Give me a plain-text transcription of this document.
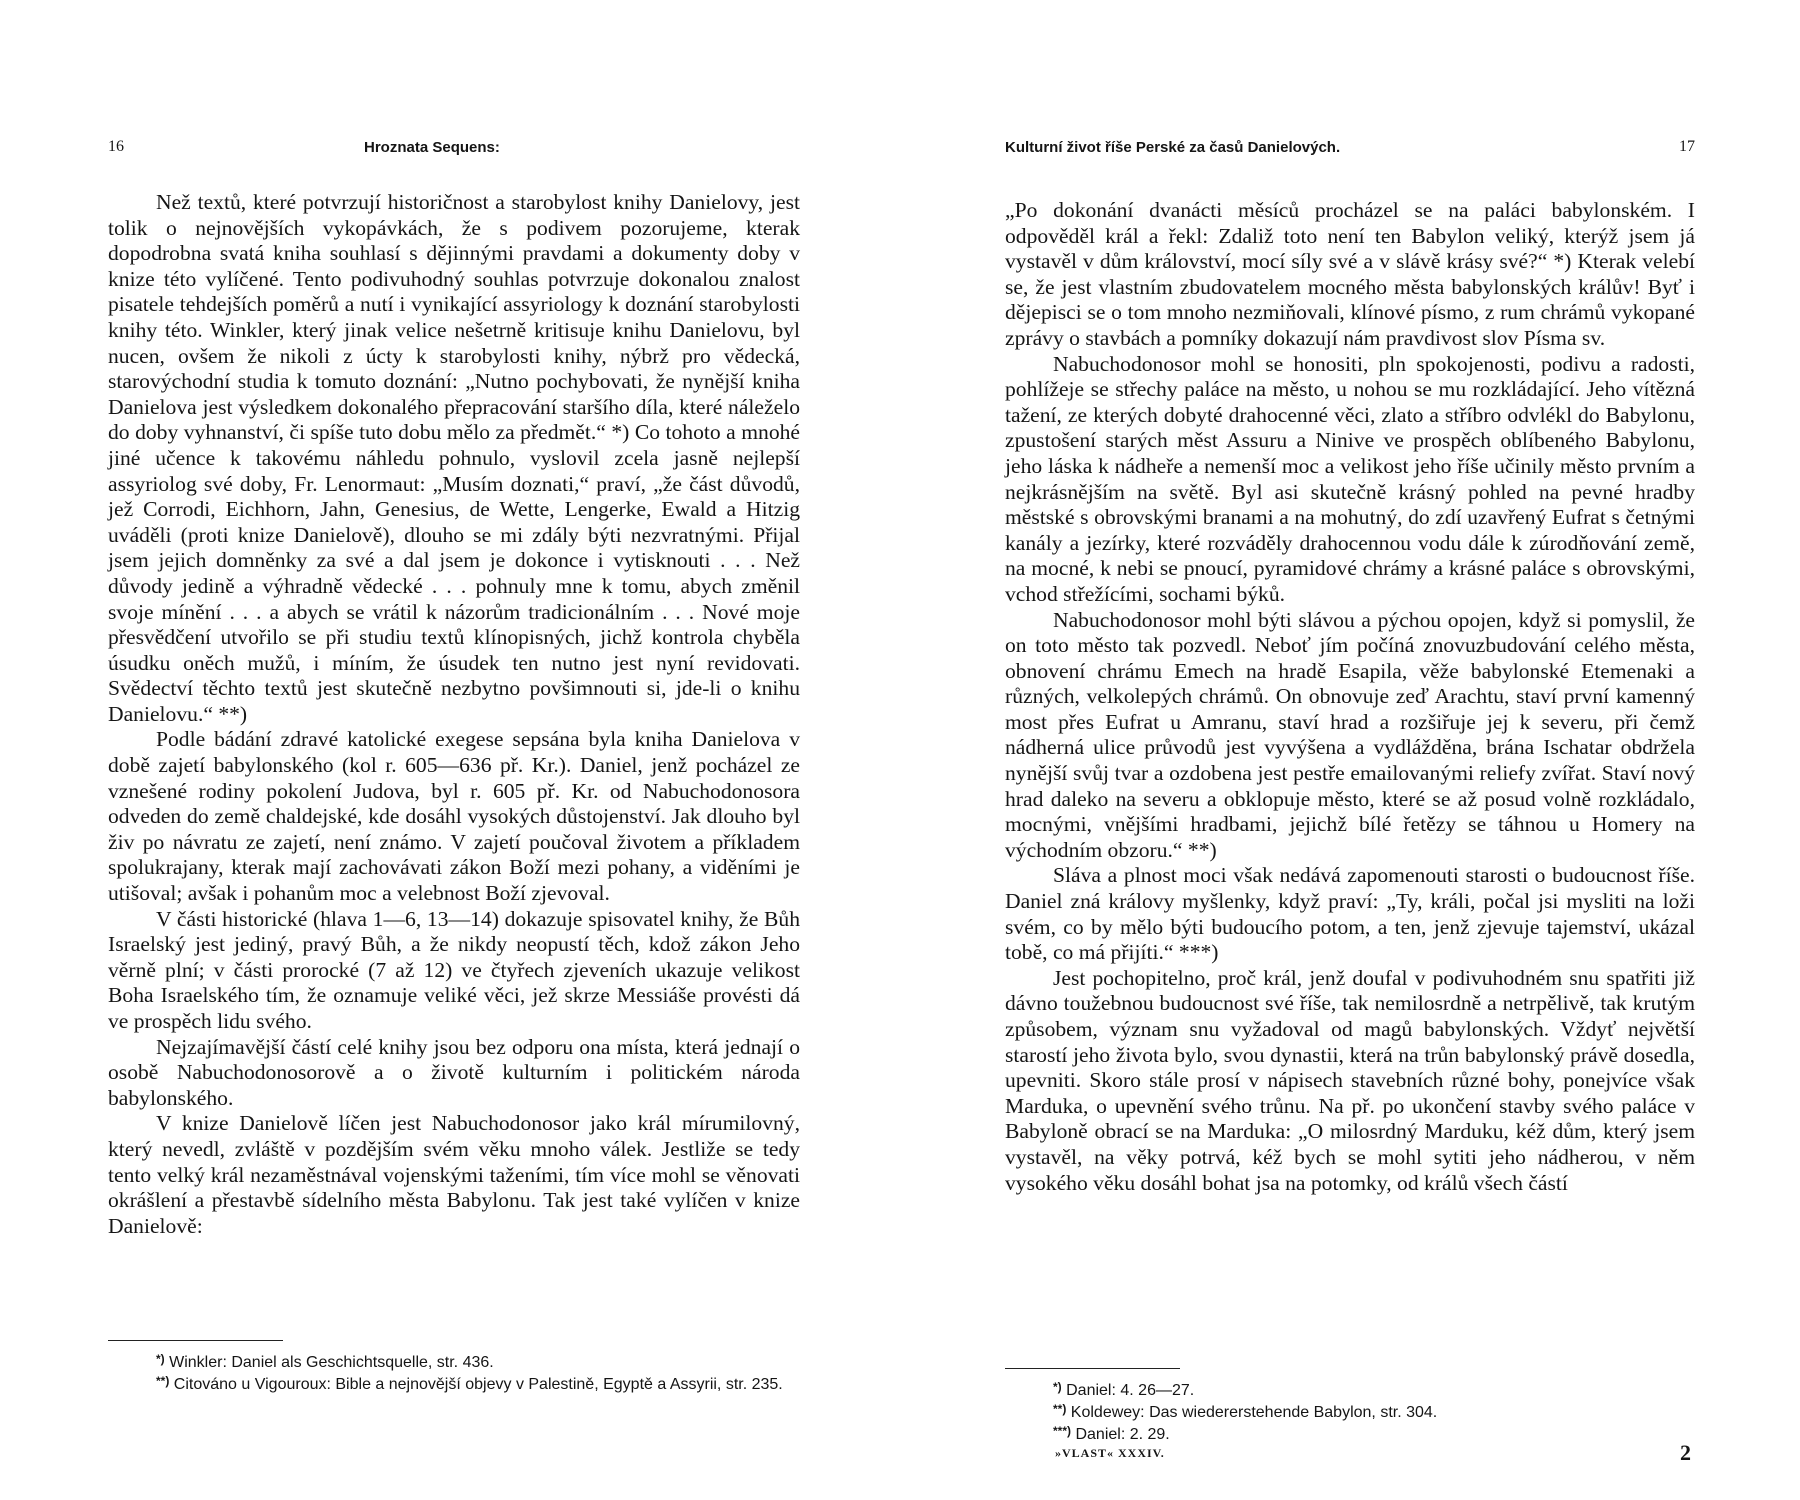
16	Hroznata Sequens:

Než textů, které potvrzují historičnost a starobylost knihy Danielovy, jest tolik o nejnovějších vykopávkách, že s podivem pozorujeme, kterak dopodrobna svatá kniha souhlasí s dějinnými pravdami a dokumenty doby v knize této vylíčené. Tento podivuhodný souhlas potvrzuje dokonalou znalost pisatele tehdejších poměrů a nutí i vynikající assyriology k doznání starobylosti knihy této. Winkler, který jinak velice nešetrně kritisuje knihu Danielovu, byl nucen, ovšem že nikoli z úcty k starobylosti knihy, nýbrž pro vědecká, starovýchodní studia k tomuto doznání: „Nutno pochybovati, že nynější kniha Danielova jest výsledkem dokonalého přepracování staršího díla, které náleželo do doby vyhnanství, či spíše tuto dobu mělo za předmět.“ *) Co tohoto a mnohé jiné učence k takovému náhledu pohnulo, vyslovil zcela jasně nejlepší assyriolog své doby, Fr. Lenormaut: „Musím doznati,“ praví, „že část důvodů, jež Corrodi, Eichhorn, Jahn, Genesius, de Wette, Lengerke, Ewald a Hitzig uváděli (proti knize Danielově), dlouho se mi zdály býti nezvratnými. Přijal jsem jejich domněnky za své a dal jsem je dokonce i vytisknouti . . . Než důvody jedině a výhradně vědecké . . . pohnuly mne k tomu, abych změnil svoje mínění . . . a abych se vrátil k názorům tradicionálním . . . Nové moje přesvědčení utvořilo se při studiu textů klínopisných, jichž kontrola chyběla úsudku oněch mužů, i míním, že úsudek ten nutno jest nyní revidovati. Svědectví těchto textů jest skutečně nezbytno povšimnouti si, jde-li o knihu Danielovu.“ **)

Podle bádání zdravé katolické exegese sepsána byla kniha Danielova v době zajetí babylonského (kol r. 605—636 př. Kr.). Daniel, jenž pocházel ze vznešené rodiny pokolení Judova, byl r. 605 př. Kr. od Nabuchodonosora odveden do země chaldejské, kde dosáhl vysokých důstojenství. Jak dlouho byl živ po návratu ze zajetí, není známo. V zajetí poučoval životem a příkladem spolukrajany, kterak mají zachovávati zákon Boží mezi pohany, a viděními je utišoval; avšak i pohanům moc a velebnost Boží zjevoval.

V části historické (hlava 1—6, 13—14) dokazuje spisovatel knihy, že Bůh Israelský jest jediný, pravý Bůh, a že nikdy neopustí těch, kdož zákon Jeho věrně plní; v části prorocké (7 až 12) ve čtyřech zjeveních ukazuje velikost Boha Israelského tím, že oznamuje veliké věci, jež skrze Messiáše provésti dá ve prospěch lidu svého.

Nejzajímavější částí celé knihy jsou bez odporu ona místa, která jednají o osobě Nabuchodonosorově a o životě kulturním i politickém národa babylonského.

V knize Danielově líčen jest Nabuchodonosor jako král mírumilovný, který nevedl, zvláště v pozdějším svém věku mnoho válek. Jestliže se tedy tento velký král nezaměstnával vojenskými taženími, tím více mohl se věnovati okrášlení a přestavbě sídelního města Babylonu. Tak jest také vylíčen v knize Danielově:

*) Winkler: Daniel als Geschichtsquelle, str. 436.

**) Citováno u Vigouroux: Bible a nejnovější objevy v Palestině, Egyptě a Assyrii, str. 235.

Kulturní život říše Perské za časů Danielových.	17

„Po dokonání dvanácti měsíců procházel se na paláci babylonském. I odpověděl král a řekl: Zdaliž toto není ten Babylon veliký, kterýž jsem já vystavěl v dům království, mocí síly své a v slávě krásy své?“ *) Kterak velebí se, že jest vlastním zbudovatelem mocného města babylonských králův! Byť i dějepisci se o tom mnoho nezmiňovali, klínové písmo, z rum chrámů vykopané zprávy o stavbách a pomníky dokazují nám pravdivost slov Písma sv.

Nabuchodonosor mohl se honositi, pln spokojenosti, podivu a radosti, pohlížeje se střechy paláce na město, u nohou se mu rozkládající. Jeho vítězná tažení, ze kterých dobyté drahocenné věci, zlato a stříbro odvlékl do Babylonu, zpustošení starých měst Assuru a Ninive ve prospěch oblíbeného Babylonu, jeho láska k nádheře a nemenší moc a velikost jeho říše učinily město prvním a nejkrásnějším na světě. Byl asi skutečně krásný pohled na pevné hradby městské s obrovskými branami a na mohutný, do zdí uzavřený Eufrat s četnými kanály a jezírky, které rozváděly drahocennou vodu dále k zúrodňování země, na mocné, k nebi se pnoucí, pyramidové chrámy a krásné paláce s obrovskými, vchod střežícími, sochami býků.

Nabuchodonosor mohl býti slávou a pýchou opojen, když si pomyslil, že on toto město tak pozvedl. Neboť jím počíná znovuzbudování celého města, obnovení chrámu Emech na hradě Esapila, věže babylonské Etemenaki a různých, velkolepých chrámů. On obnovuje zeď Arachtu, staví první kamenný most přes Eufrat u Amranu, staví hrad a rozšiřuje jej k severu, při čemž nádherná ulice průvodů jest vyvýšena a vydlážděna, brána Ischatar obdržela nynější svůj tvar a ozdobena jest pestře emailovanými reliefy zvířat. Staví nový hrad daleko na severu a obklopuje město, které se až posud volně rozkládalo, mocnými, vnějšími hradbami, jejichž bílé řetězy se táhnou u Homery na východním obzoru.“ **)

Sláva a plnost moci však nedává zapomenouti starosti o budoucnost říše. Daniel zná královy myšlenky, když praví: „Ty, králi, počal jsi mysliti na loži svém, co by mělo býti budoucího potom, a ten, jenž zjevuje tajemství, ukázal tobě, co má přijíti.“ ***)

Jest pochopitelno, proč král, jenž doufal v podivuhodném snu spatřiti již dávno toužebnou budoucnost své říše, tak nemilosrdně a netrpělivě, tak krutým způsobem, význam snu vyžadoval od magů babylonských. Vždyť největší starostí jeho života bylo, svou dynastii, která na trůn babylonský právě dosedla, upevniti. Skoro stále prosí v nápisech stavebních různé bohy, ponejvíce však Marduka, o upevnění svého trůnu. Na př. po ukončení stavby svého paláce v Babyloně obrací se na Marduka: „O milosrdný Marduku, kéž dům, který jsem vystavěl, na věky potrvá, kéž bych se mohl sytiti jeho nádherou, v něm vysokého věku dosáhl bohat jsa na potomky, od králů všech částí

*) Daniel: 4. 26—27.

**) Koldewey: Das wiedererstehende Babylon, str. 304.

***) Daniel: 2. 29.

»VLAST« XXXIV.	2
